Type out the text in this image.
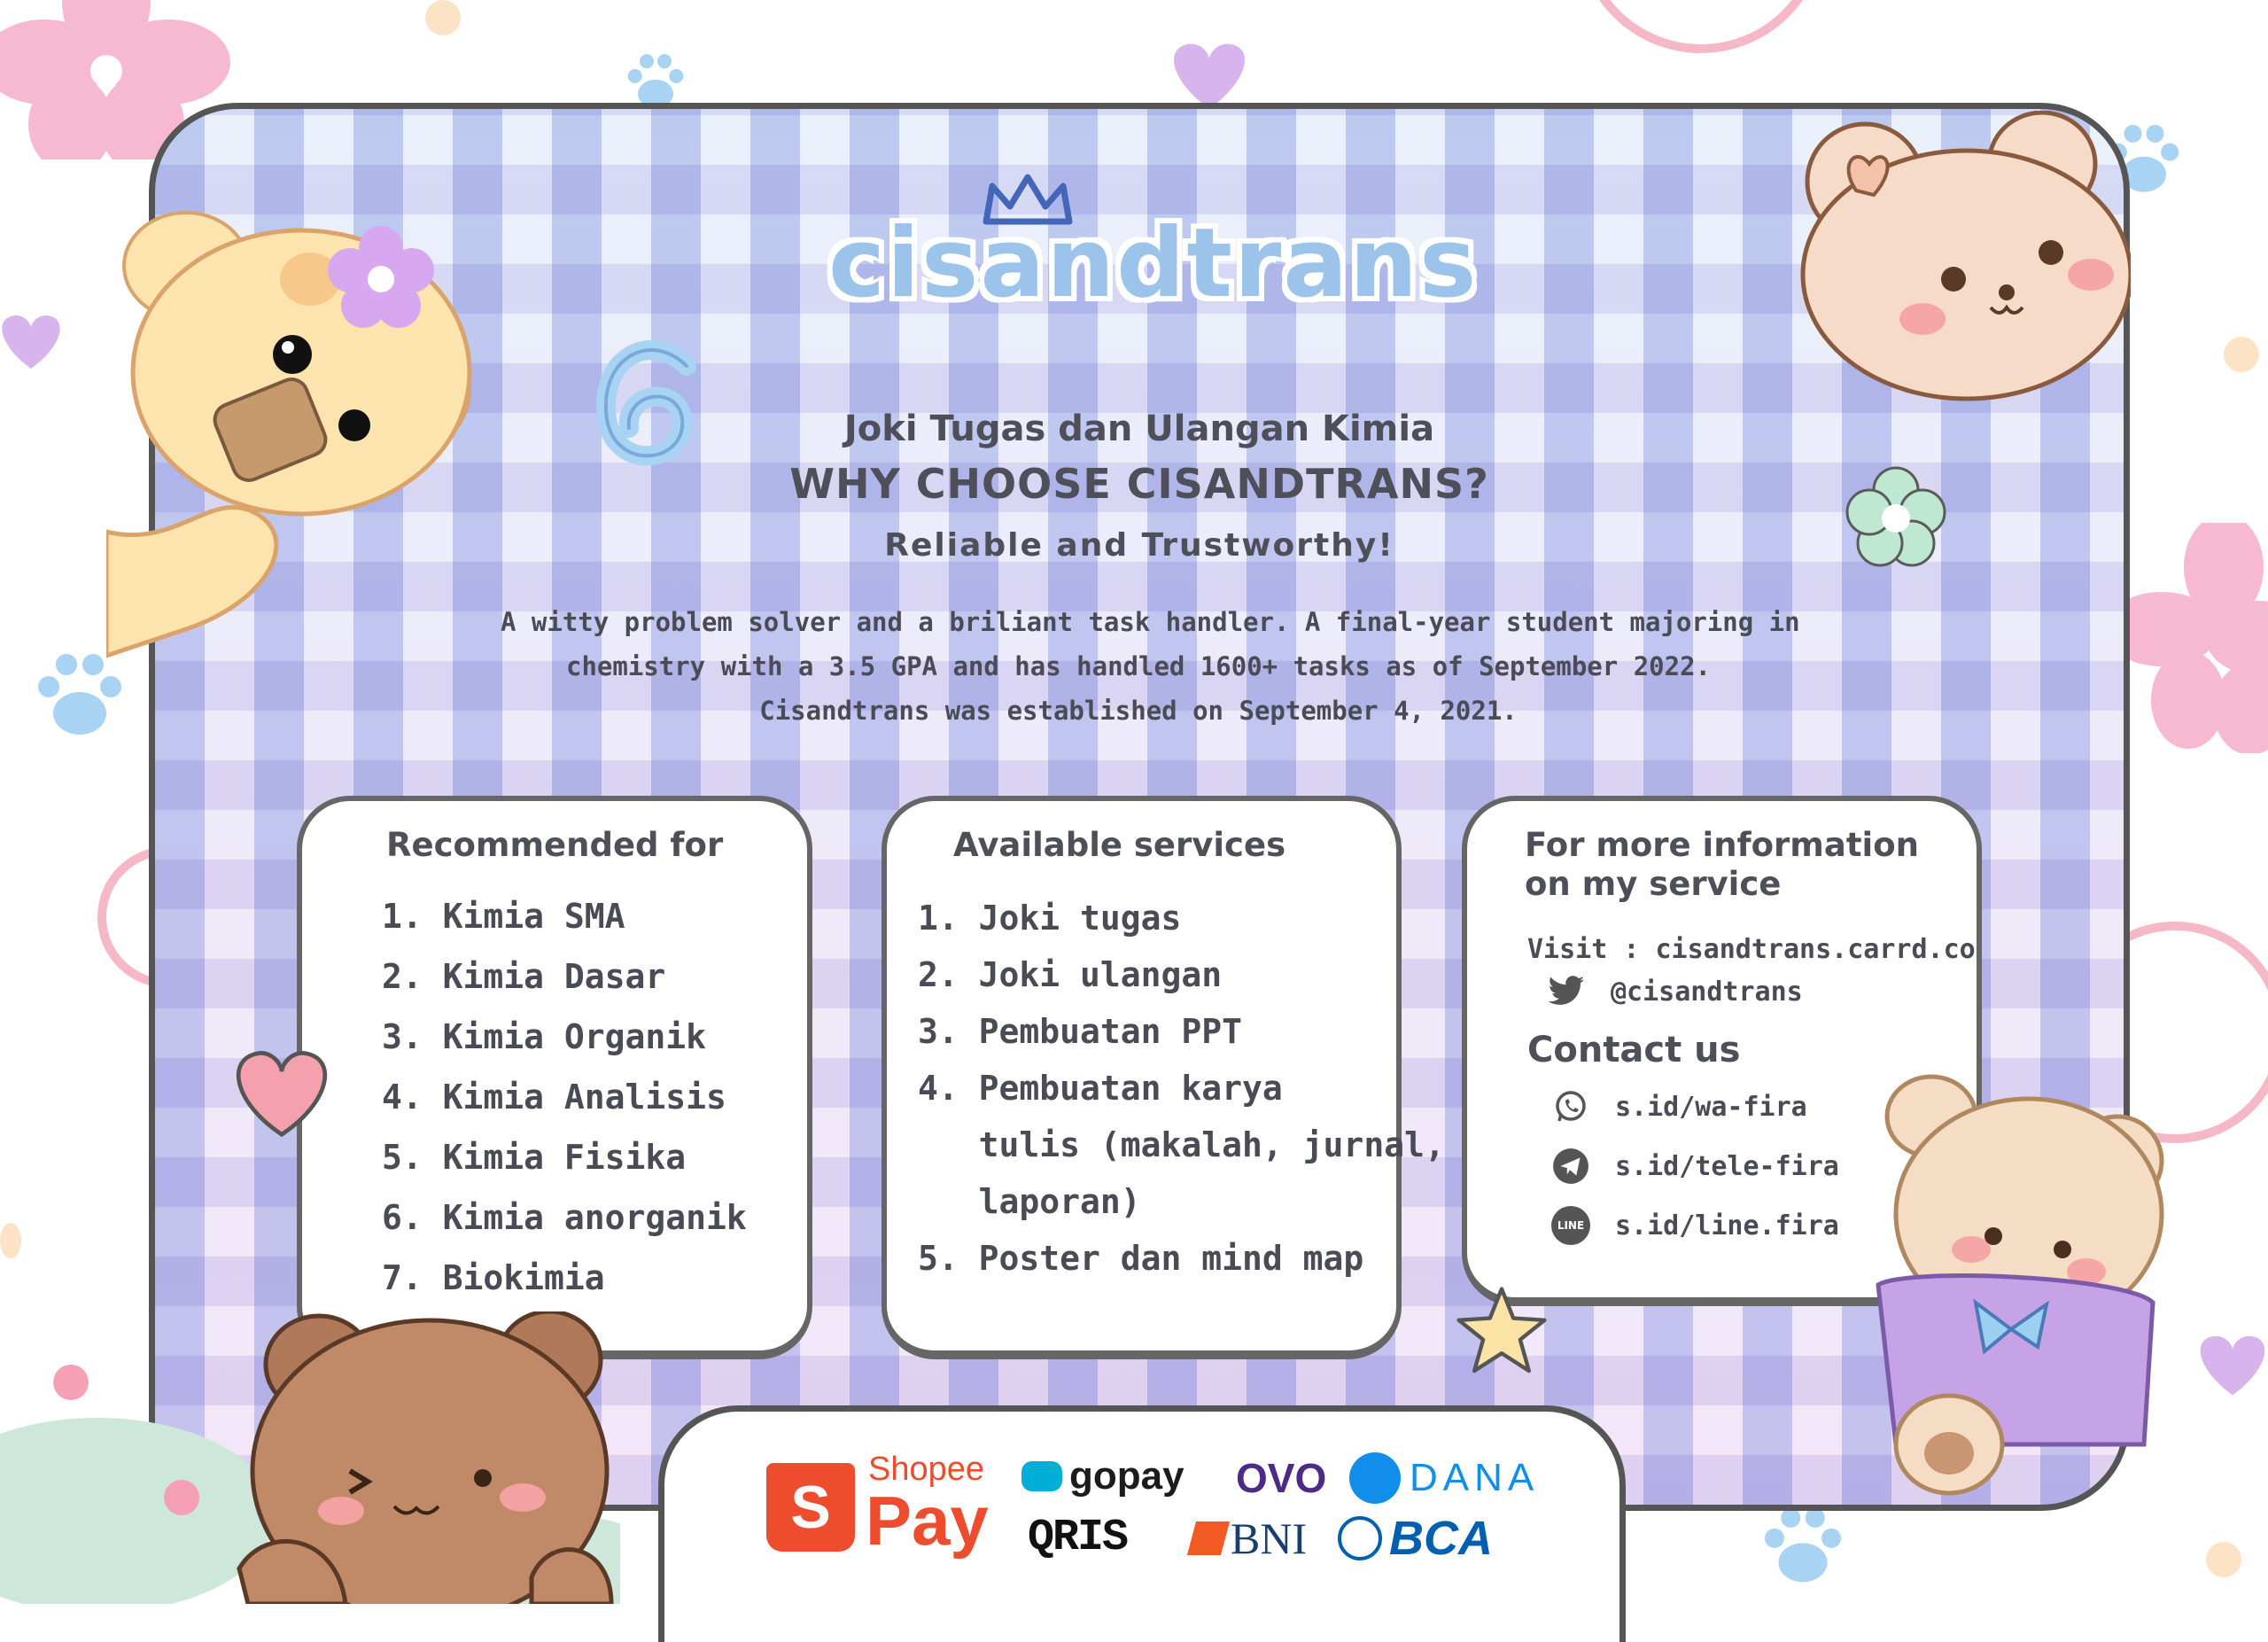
cisandtrans
Joki Tugas dan Ulangan Kimia
WHY CHOOSE CISANDTRANS?
Reliable and Trustworthy!
A witty problem solver and a briliant task handler. A final-year student majoring in
chemistry with a 3.5 GPA and has handled 1600+ tasks as of September 2022.
Cisandtrans was established on September 4, 2021.
Recommended for
1. Kimia SMA
2. Kimia Dasar
3. Kimia Organik
4. Kimia Analisis
5. Kimia Fisika
6. Kimia anorganik
7. Biokimia
Available services
1. Joki tugas
2. Joki ulangan
3. Pembuatan PPT
4. Pembuatan karya
tulis (makalah, jurnal,
laporan)
5. Poster dan mind map
For more information
on my service
Visit : cisandtrans.carrd.co
@cisandtrans
Contact us
s.id/wa-fira
s.id/tele-fira
LINE s.id/line.fira
S
Shopee
Pay
gopay OVO DANA
QRIS BNI BCA
